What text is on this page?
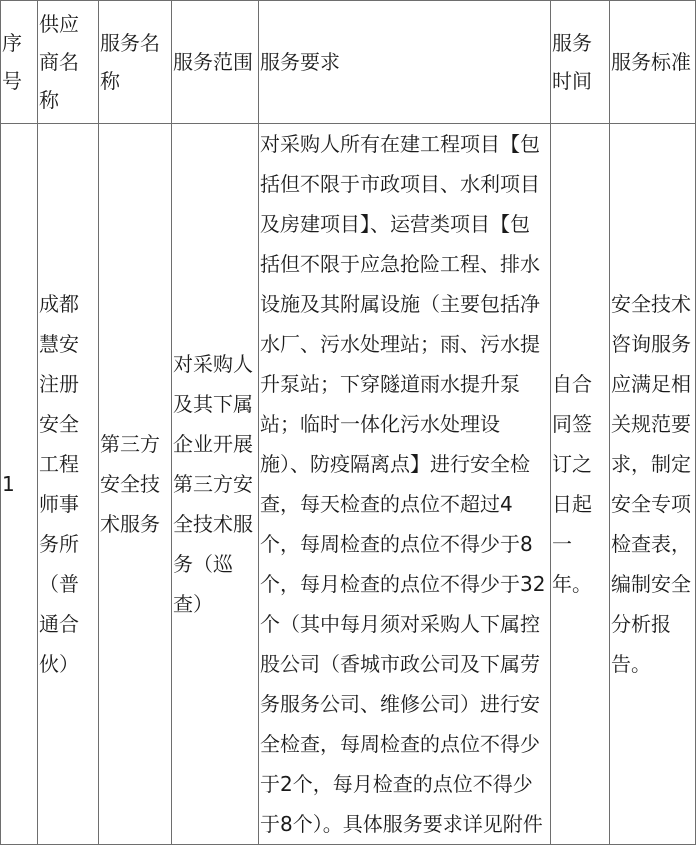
序号	供应商名称	服务名称	服务范围	服务要求	服务时间	服务标准

1	成都慧安注册安全工程师事务所（普通合伙）	第三方安全技术服务	对采购人及其下属企业开展第三方安全技术服务（巡查）	对采购人所有在建工程项目【包括但不限于市政项目、水利项目及房建项目】、运营类项目【包括但不限于应急抢险工程、排水设施及其附属设施（主要包括净水厂、污水处理站；雨、污水提升泵站；下穿隧道雨水提升泵站；临时一体化污水处理设施）、防疫隔离点】进行安全检查，每天检查的点位不超过4个，每周检查的点位不得少于8个，每月检查的点位不得少于32个（其中每月须对采购人下属控股公司（香城市政公司及下属劳务服务公司、维修公司）进行安全检查，每周检查的点位不得少于2个，每月检查的点位不得少于8个）。具体服务要求详见附件	自合同签订之日起一年。	安全技术咨询服务应满足相关规范要求，制定安全专项检查表，编制安全分析报告。
